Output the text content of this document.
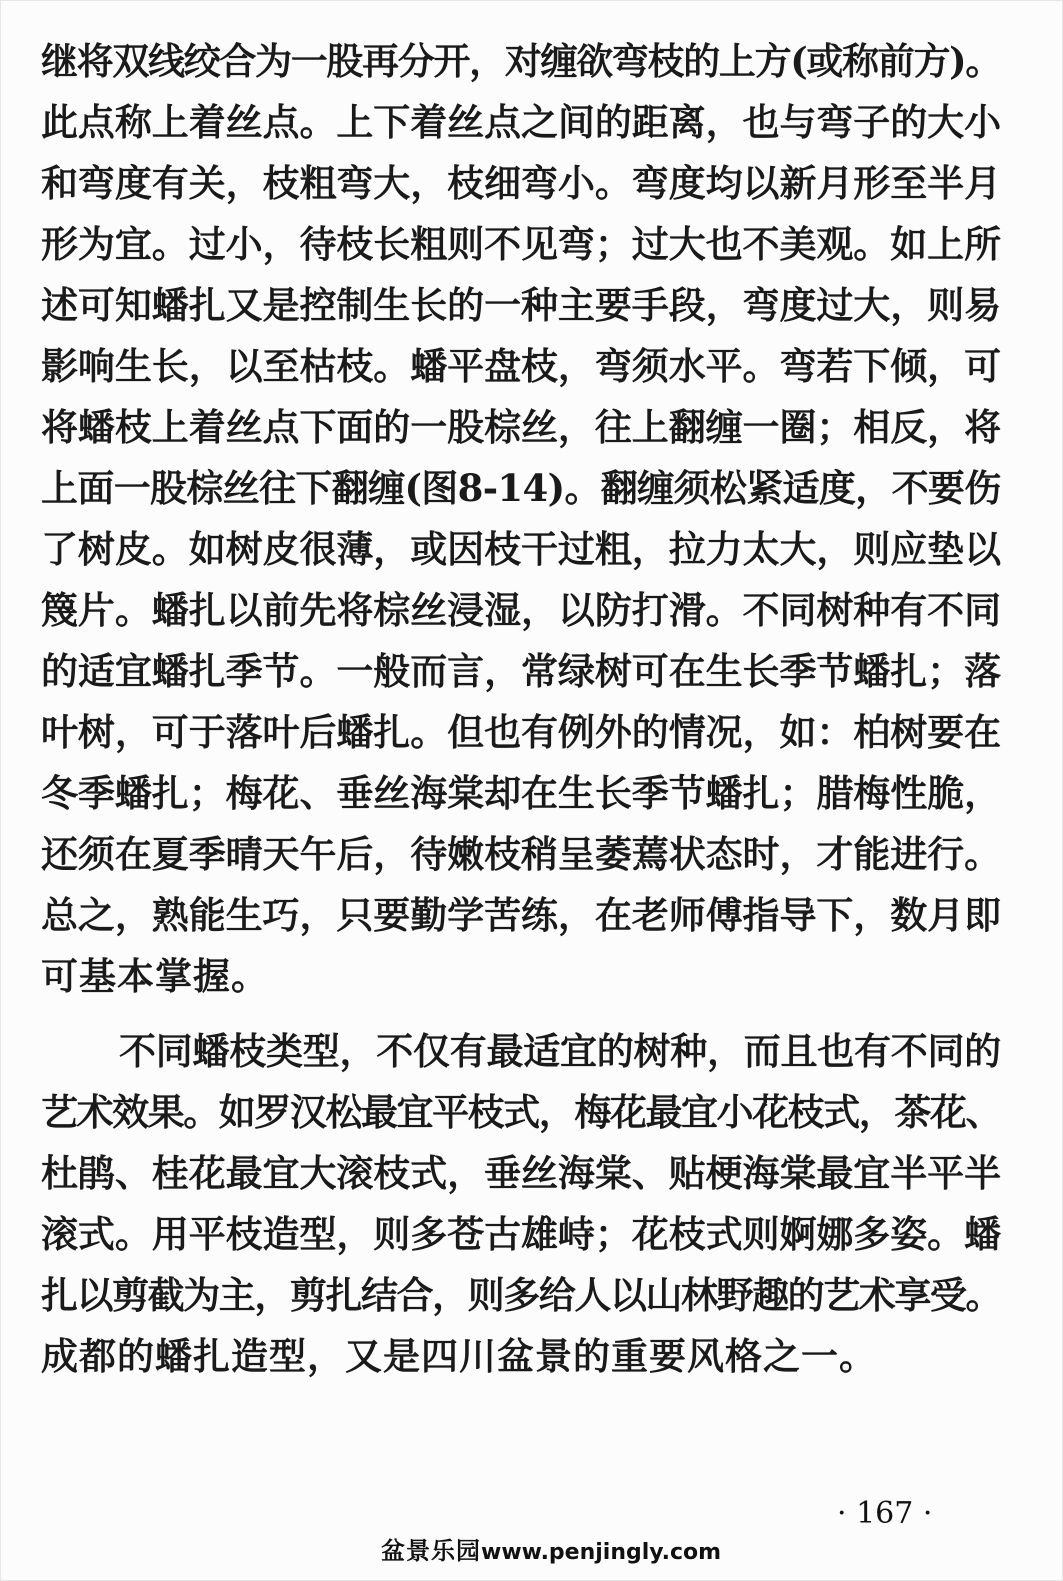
继将双线绞合为一股再分开，对缠欲弯枝的上方(或称前方)。
此点称上着丝点。上下着丝点之间的距离，也与弯子的大小
和弯度有关，枝粗弯大，枝细弯小。弯度均以新月形至半月
形为宜。过小，待枝长粗则不见弯；过大也不美观。如上所
述可知蟠扎又是控制生长的一种主要手段，弯度过大，则易
影响生长，以至枯枝。蟠平盘枝，弯须水平。弯若下倾，可
将蟠枝上着丝点下面的一股棕丝，往上翻缠一圈；相反，将
上面一股棕丝往下翻缠(图8-14)。翻缠须松紧适度，不要伤
了树皮。如树皮很薄，或因枝干过粗，拉力太大，则应垫以
篾片。蟠扎以前先将棕丝浸湿，以防打滑。不同树种有不同
的适宜蟠扎季节。一般而言，常绿树可在生长季节蟠扎；落
叶树，可于落叶后蟠扎。但也有例外的情况，如：柏树要在
冬季蟠扎；梅花、垂丝海棠却在生长季节蟠扎；腊梅性脆，
还须在夏季晴天午后，待嫩枝稍呈萎蔫状态时，才能进行。
总之，熟能生巧，只要勤学苦练，在老师傅指导下，数月即
可基本掌握。
不同蟠枝类型，不仅有最适宜的树种，而且也有不同的
艺术效果。如罗汉松最宜平枝式，梅花最宜小花枝式，茶花、
杜鹃、桂花最宜大滚枝式，垂丝海棠、贴梗海棠最宜半平半
滚式。用平枝造型，则多苍古雄峙；花枝式则婀娜多姿。蟠
扎以剪截为主，剪扎结合，则多给人以山林野趣的艺术享受。
成都的蟠扎造型，又是四川盆景的重要风格之一。
· 167 ·
盆景乐园www.penjingly.com
